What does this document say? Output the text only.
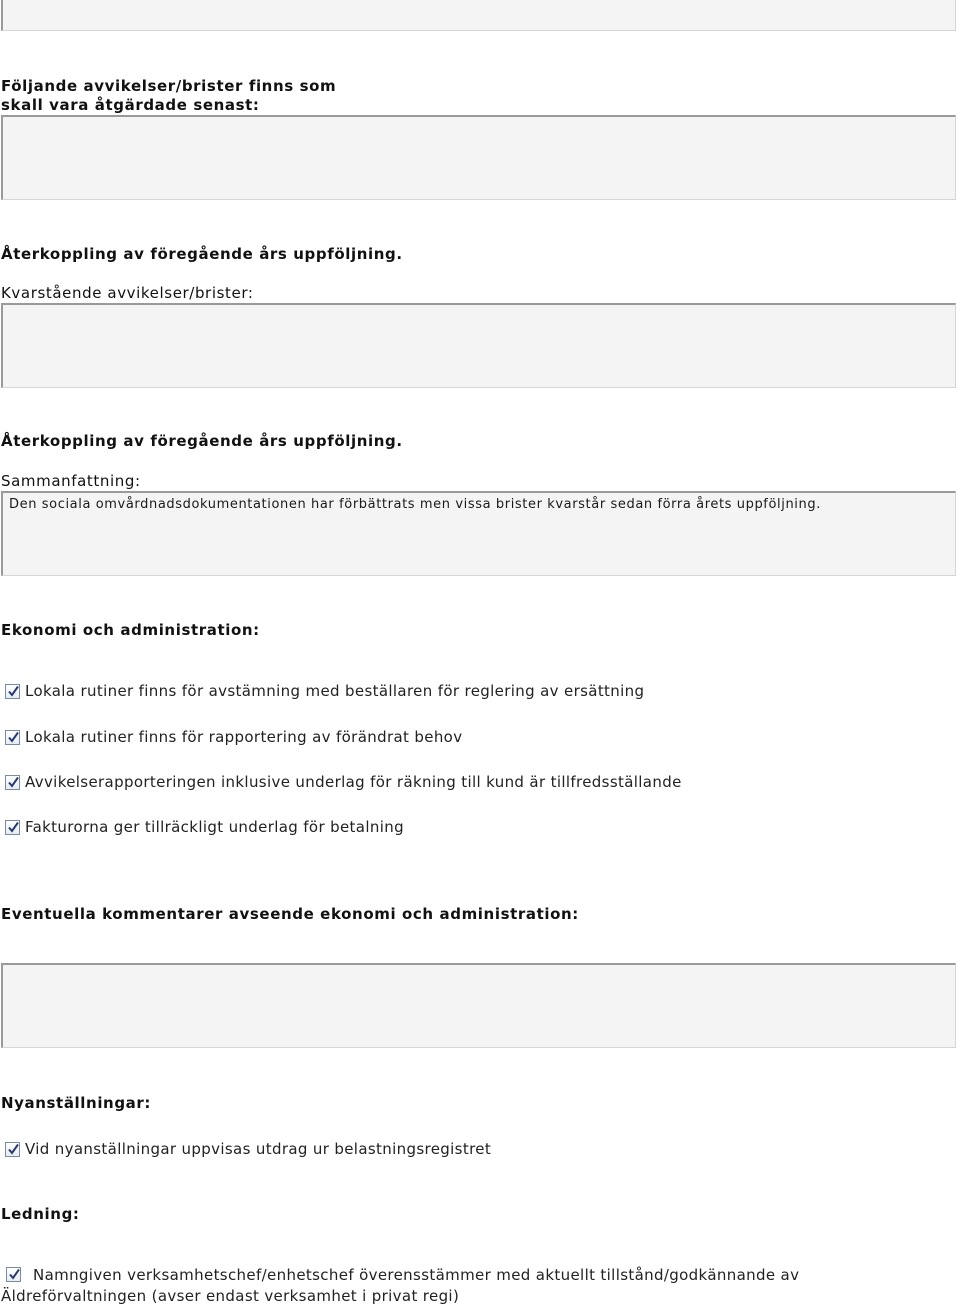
Följande avvikelser/brister finns som
skall vara åtgärdade senast:
Återkoppling av föregående års uppföljning.
Kvarstående avvikelser/brister:
Återkoppling av föregående års uppföljning.
Sammanfattning:
Den sociala omvårdnadsdokumentationen har förbättrats men vissa brister kvarstår sedan förra årets uppföljning.
Ekonomi och administration:
Lokala rutiner finns för avstämning med beställaren för reglering av ersättning
Lokala rutiner finns för rapportering av förändrat behov
Avvikelserapporteringen inklusive underlag för räkning till kund är tillfredsställande
Fakturorna ger tillräckligt underlag för betalning
Eventuella kommentarer avseende ekonomi och administration:
Nyanställningar:
Vid nyanställningar uppvisas utdrag ur belastningsregistret
Ledning:
Namngiven verksamhetschef/enhetschef överensstämmer med aktuellt tillstånd/godkännande av
Äldreförvaltningen (avser endast verksamhet i privat regi)
